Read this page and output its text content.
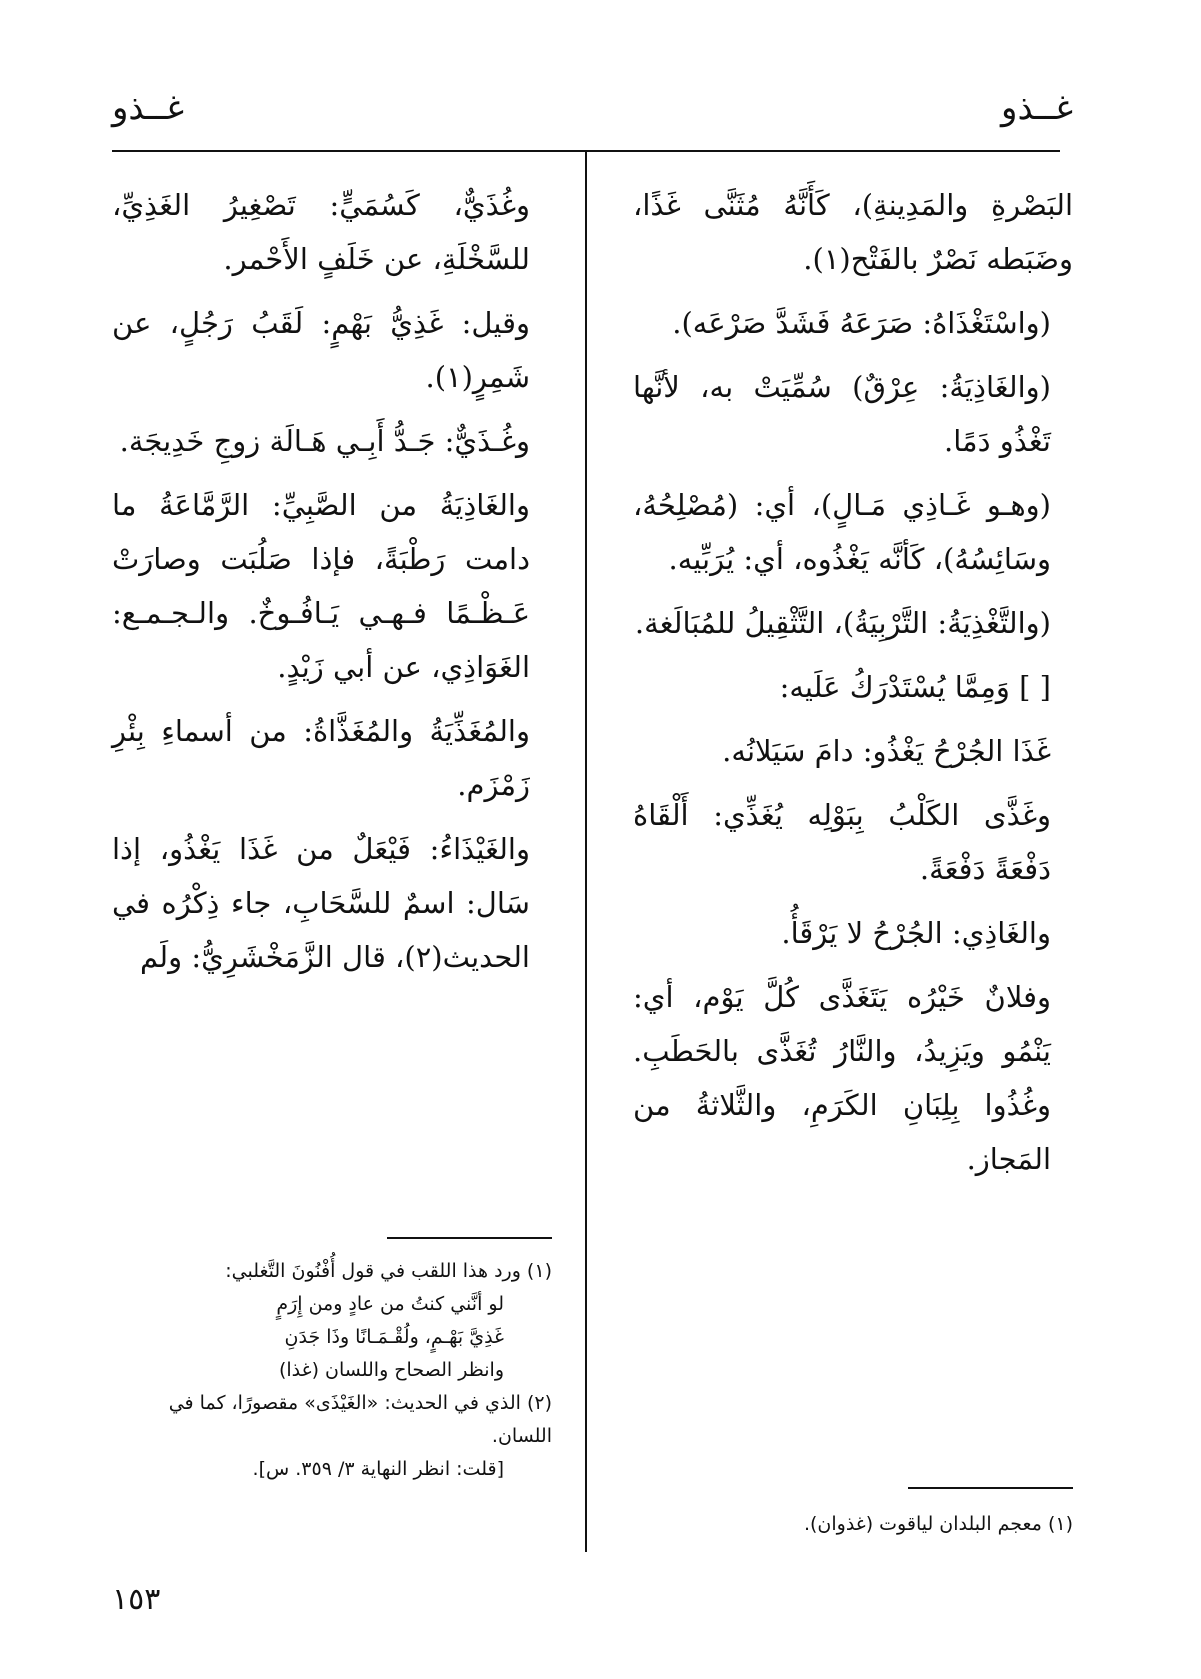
غــذو
غــذو

البَصْرةِ والمَدِينةِ)، كَأَنَّهُ مُثَنَّى غَذًا، وضَبَطه نَصْرٌ بالفَتْح(١).

(واسْتَغْذَاهُ: صَرَعَهُ فَشَدَّ صَرْعَه).

(والغَاذِيَةُ: عِرْقٌ) سُمِّيَتْ به، لأنَّها تَغْذُو دَمًا.

(وهـو غَـاذِي مَـالٍ)، أي: (مُصْلِحُهُ، وسَائِسُهُ)، كَأنَّه يَغْذُوه، أي: يُرَبِّيه.

(والتَّغْذِيَةُ: التَّرْبِيَةُ)، التَّثْقِيلُ للمُبَالَغة.

[ ] وَمِمَّا يُسْتَدْرَكُ عَلَيه:

غَذَا الجُرْحُ يَغْذُو: دامَ سَيَلانُه.

وغَذَّى الكَلْبُ بِبَوْلِه يُغَذِّي: أَلْقَاهُ دَفْعَةً دَفْعَةً.

والغَاذِي: الجُرْحُ لا يَرْقَأُ.

وفلانٌ خَيْرُه يَتَغَذَّى كُلَّ يَوْم، أي: يَنْمُو ويَزِيدُ، والنَّارُ تُغَذَّى بالحَطَبِ. وغُذُوا بِلِبَانِ الكَرَمِ، والثَّلاثةُ من المَجاز.

وغُذَيٌّ، كَسُمَيٍّ: تَصْغِيرُ الغَذِيِّ، للسَّخْلَةِ، عن خَلَفٍ الأَحْمر.

وقيل: غَذِيُّ بَهْمٍ: لَقَبُ رَجُلٍ، عن شَمِرٍ(١).

وغُـذَيٌّ: جَـدُّ أَبِـي هَـالَة زوجِ خَدِيجَة.

والغَاذِيَةُ من الصَّبِيِّ: الرَّمَّاعَةُ ما دامت رَطْبَةً، فإذا صَلُبَت وصارَتْ عَـظْـمًا فـهـي يَـافُـوخٌ. والـجـمـع: الغَوَاذِي، عن أبي زَيْدٍ.

والمُغَذِّيَةُ والمُغَذَّاةُ: من أسماءِ بِئْرِ زَمْزَم.

والغَيْذَاءُ: فَيْعَلٌ من غَذَا يَغْذُو، إذا سَال: اسمٌ للسَّحَابِ، جاء ذِكْرُه في الحديث(٢)، قال الزَّمَخْشَرِيُّ: ولَم

(١) ورد هذا اللقب في قول أُفْنُونَ التَّغلبي:

لو أنَّني كنتُ من عادٍ ومن إِرَمٍ

غَذِيَّ بَهْـمٍ، ولُقْـمَـانًا وذَا جَدَنِ

وانظر الصحاح واللسان (غذا)

(٢) الذي في الحديث: «الغَيْذَى» مقصورًا، كما في اللسان.

[قلت: انظر النهاية ٣/ ٣٥٩. س].

(١) معجم البلدان لياقوت (غذوان).

١٥٣
